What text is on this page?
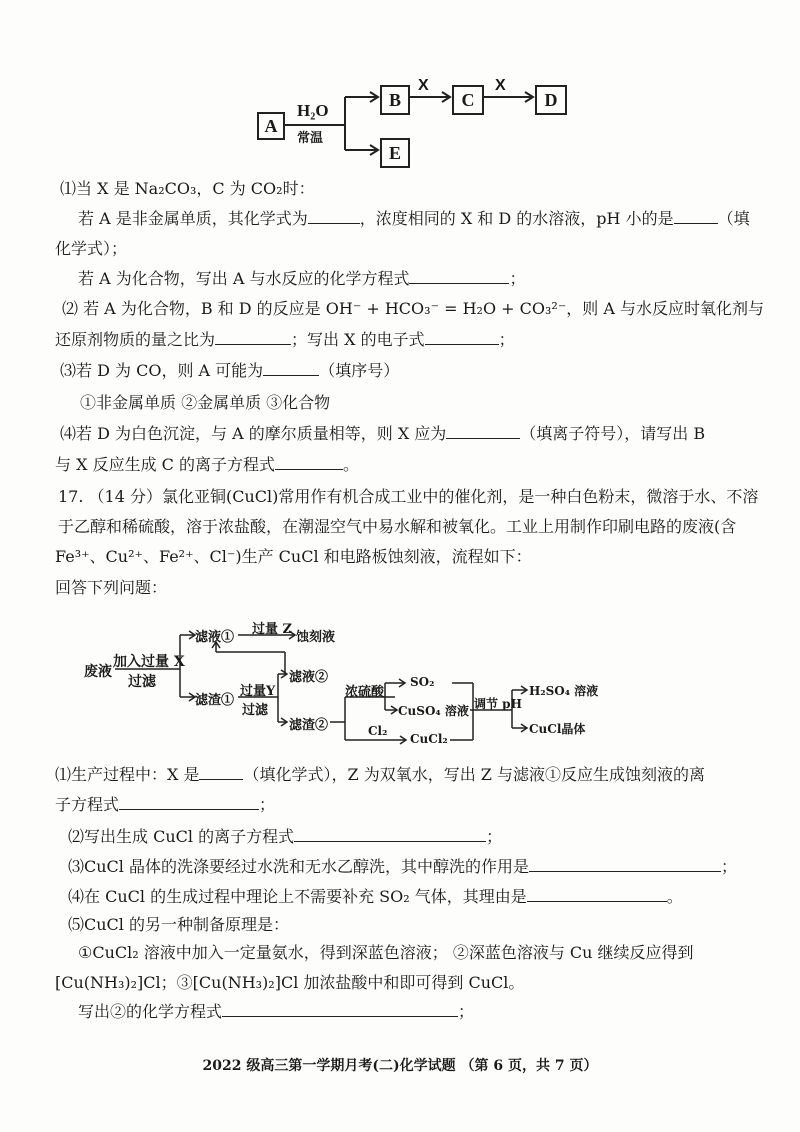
A
B	C	D
E
H₂O
常温
X	X
⑴当 X 是 Na₂CO₃，C 为 CO₂时：
若 A 是非金属单质，其化学式为	，浓度相同的 X 和 D 的水溶液，pH 小的是	（填
化学式）；
若 A 为化合物，写出 A 与水反应的化学方程式	；
⑵ 若 A 为化合物，B 和 D 的反应是 OH⁻ + HCO₃⁻ = H₂O + CO₃²⁻，则 A 与水反应时氧化剂与
还原剂物质的量之比为	；写出 X 的电子式	；
⑶若 D 为 CO，则 A 可能为	（填序号）
①非金属单质 ②金属单质 ③化合物
⑷若 D 为白色沉淀，与 A 的摩尔质量相等，则 X 应为	（填离子符号），请写出 B
与 X 反应生成 C 的离子方程式	。
17. （14 分）氯化亚铜(CuCl)常用作有机合成工业中的催化剂，是一种白色粉末，微溶于水、不溶
于乙醇和稀硫酸，溶于浓盐酸，在潮湿空气中易水解和被氧化。工业上用制作印刷电路的废液(含
Fe³⁺、Cu²⁺、Fe²⁺、Cl⁻)生产 CuCl 和电路板蚀刻液，流程如下：
回答下列问题：
废液
加入过量 X
过滤
滤液①
过量 Z
蚀刻液
滤液②
滤渣①
过量Y
过滤
滤渣②
浓硫酸
SO₂
CuSO₄ 溶液
Cl₂
CuCl₂
调节 pH
H₂SO₄ 溶液
CuCl晶体
⑴生产过程中：X 是	（填化学式），Z 为双氧水，写出 Z 与滤液①反应生成蚀刻液的离
子方程式	；
⑵写出生成 CuCl 的离子方程式	；
⑶CuCl 晶体的洗涤要经过水洗和无水乙醇洗，其中醇洗的作用是	；
⑷在 CuCl 的生成过程中理论上不需要补充 SO₂ 气体，其理由是	。
⑸CuCl 的另一种制备原理是：
①CuCl₂ 溶液中加入一定量氨水，得到深蓝色溶液； ②深蓝色溶液与 Cu 继续反应得到
[Cu(NH₃)₂]Cl；③[Cu(NH₃)₂]Cl 加浓盐酸中和即可得到 CuCl。
写出②的化学方程式	；
2022 级高三第一学期月考(二)化学试题 （第 6 页，共 7 页）
